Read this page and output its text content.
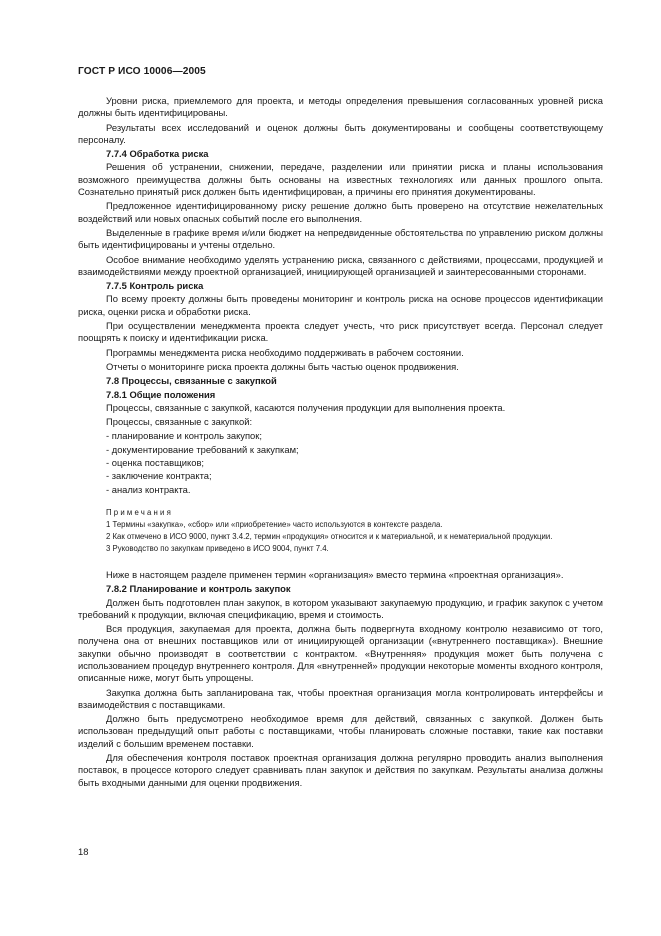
ГОСТ Р ИСО 10006—2005
Уровни риска, приемлемого для проекта, и методы определения превышения согласованных уровней риска должны быть идентифицированы.
Результаты всех исследований и оценок должны быть документированы и сообщены соответствующему персоналу.
7.7.4 Обработка риска
Решения об устранении, снижении, передаче, разделении или принятии риска и планы использования возможного преимущества должны быть основаны на известных технологиях или данных прошлого опыта. Сознательно принятый риск должен быть идентифицирован, а причины его принятия документированы.
Предложенное идентифицированному риску решение должно быть проверено на отсутствие нежелательных воздействий или новых опасных событий после его выполнения.
Выделенные в графике время и/или бюджет на непредвиденные обстоятельства по управлению риском должны быть идентифицированы и учтены отдельно.
Особое внимание необходимо уделять устранению риска, связанного с действиями, процессами, продукцией и взаимодействиями между проектной организацией, инициирующей организацией и заинтересованными сторонами.
7.7.5 Контроль риска
По всему проекту должны быть проведены мониторинг и контроль риска на основе процессов идентификации риска, оценки риска и обработки риска.
При осуществлении менеджмента проекта следует учесть, что риск присутствует всегда. Персонал следует поощрять к поиску и идентификации риска.
Программы менеджмента риска необходимо поддерживать в рабочем состоянии.
Отчеты о мониторинге риска проекта должны быть частью оценок продвижения.
7.8 Процессы, связанные с закупкой
7.8.1 Общие положения
Процессы, связанные с закупкой, касаются получения продукции для выполнения проекта.
Процессы, связанные с закупкой:
- планирование и контроль закупок;
- документирование требований к закупкам;
- оценка поставщиков;
- заключение контракта;
- анализ контракта.
Примечания
1 Термины «закупка», «сбор» или «приобретение» часто используются в контексте раздела.
2 Как отмечено в ИСО 9000, пункт 3.4.2, термин «продукция» относится и к материальной, и к нематериальной продукции.
3 Руководство по закупкам приведено в ИСО 9004, пункт 7.4.
Ниже в настоящем разделе применен термин «организация» вместо термина «проектная организация».
7.8.2 Планирование и контроль закупок
Должен быть подготовлен план закупок, в котором указывают закупаемую продукцию, и график закупок с учетом требований к продукции, включая спецификацию, время и стоимость.
Вся продукция, закупаемая для проекта, должна быть подвергнута входному контролю независимо от того, получена она от внешних поставщиков или от инициирующей организации («внутреннего поставщика»). Внешние закупки обычно производят в соответствии с контрактом. «Внутренняя» продукция может быть получена с использованием процедур внутреннего контроля. Для «внутренней» продукции некоторые моменты входного контроля, описанные ниже, могут быть упрощены.
Закупка должна быть запланирована так, чтобы проектная организация могла контролировать интерфейсы и взаимодействия с поставщиками.
Должно быть предусмотрено необходимое время для действий, связанных с закупкой. Должен быть использован предыдущий опыт работы с поставщиками, чтобы планировать сложные поставки, такие как поставки изделий с большим временем поставки.
Для обеспечения контроля поставок проектная организация должна регулярно проводить анализ выполнения поставок, в процессе которого следует сравнивать план закупок и действия по закупкам. Результаты анализа должны быть входными данными для оценки продвижения.
18
